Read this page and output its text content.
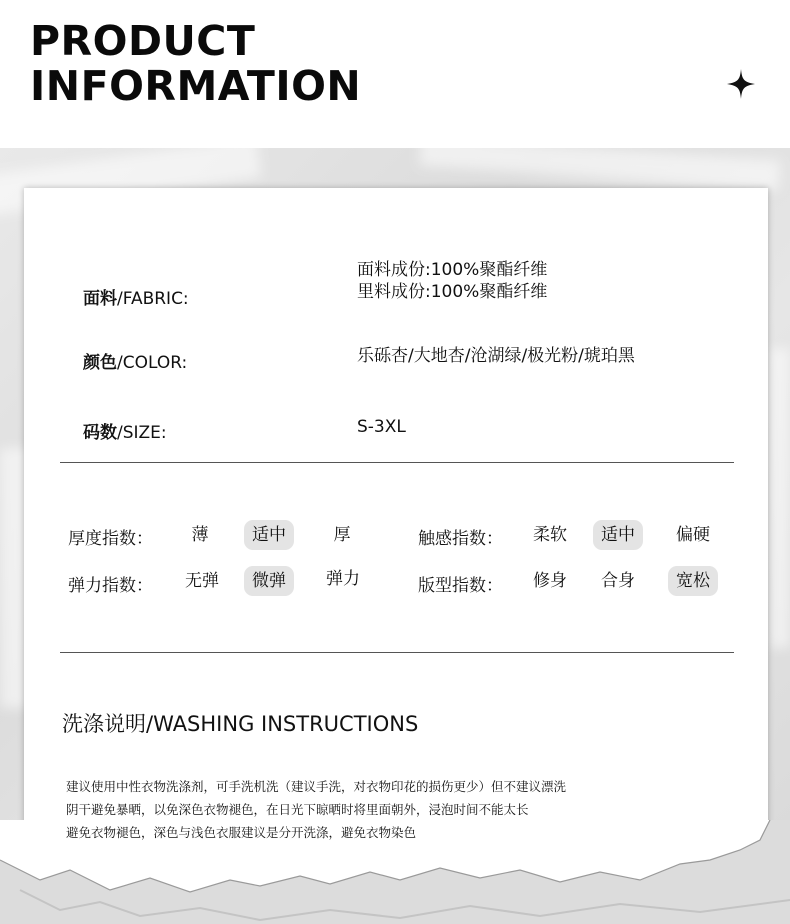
PRODUCT
INFORMATION
面料/FABRIC:
面料成份:100%聚酯纤维
里料成份:100%聚酯纤维
颜色/COLOR:	乐砾杏/大地杏/沧湖绿/极光粉/琥珀黑
码数/SIZE:	S-3XL
厚度指数：	薄	适中	厚	触感指数：	柔软	适中	偏硬
弹力指数：	无弹	微弹	弹力	版型指数：	修身	合身	宽松
洗涤说明/WASHING INSTRUCTIONS
建议使用中性衣物洗涤剂，可手洗机洗（建议手洗，对衣物印花的损伤更少）但不建议漂洗
阴干避免暴晒，以免深色衣物褪色，在日光下晾晒时将里面朝外，浸泡时间不能太长
避免衣物褪色，深色与浅色衣服建议是分开洗涤，避免衣物染色
